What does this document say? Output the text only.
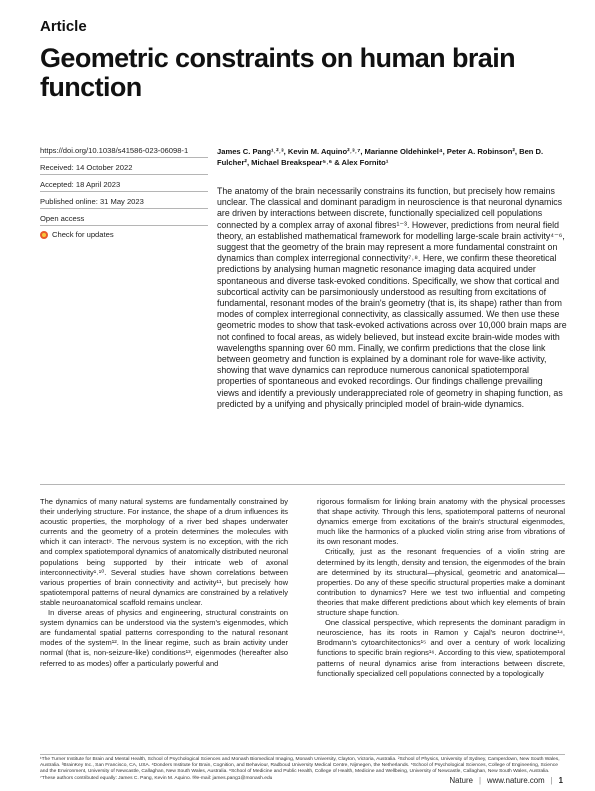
Article
Geometric constraints on human brain function
https://doi.org/10.1038/s41586-023-06098-1
Received: 14 October 2022
Accepted: 18 April 2023
Published online: 31 May 2023
Open access
Check for updates
James C. Pang¹˒²˒³, Kevin M. Aquino²˒³˒⁷, Marianne Oldehinkel⁴, Peter A. Robinson², Ben D. Fulcher², Michael Breakspear⁵˒⁶ & Alex Fornito¹
The anatomy of the brain necessarily constrains its function, but precisely how remains unclear. The classical and dominant paradigm in neuroscience is that neuronal dynamics are driven by interactions between discrete, functionally specialized cell populations connected by a complex array of axonal fibres¹⁻³. However, predictions from neural field theory, an established mathematical framework for modelling large-scale brain activity⁴⁻⁶, suggest that the geometry of the brain may represent a more fundamental constraint on dynamics than complex interregional connectivity⁷˒⁸. Here, we confirm these theoretical predictions by analysing human magnetic resonance imaging data acquired under spontaneous and diverse task-evoked conditions. Specifically, we show that cortical and subcortical activity can be parsimoniously understood as resulting from excitations of fundamental, resonant modes of the brain's geometry (that is, its shape) rather than from modes of complex interregional connectivity, as classically assumed. We then use these geometric modes to show that task-evoked activations across over 10,000 brain maps are not confined to focal areas, as widely believed, but instead excite brain-wide modes with wavelengths spanning over 60 mm. Finally, we confirm predictions that the close link between geometry and function is explained by a dominant role for wave-like activity, showing that wave dynamics can reproduce numerous canonical spatiotemporal properties of spontaneous and evoked recordings. Our findings challenge prevailing views and identify a previously underappreciated role of geometry in shaping function, as predicted by a unifying and physically principled model of brain-wide dynamics.

The dynamics of many natural systems are fundamentally constrained by their underlying structure. For instance, the shape of a drum influences its acoustic properties, the morphology of a river bed shapes underwater currents and the geometry of a protein determines the molecules with which it can interact⁹. The nervous system is no exception, with the rich and complex spatiotemporal dynamics of anatomically distributed neuronal populations being supported by their intricate web of axonal interconnectivity¹˒¹⁰. Several studies have shown correlations between various properties of brain connectivity and activity¹¹, but precisely how spatiotemporal patterns of neural dynamics are constrained by a relatively stable neuroanatomical scaffold remains unclear.

In diverse areas of physics and engineering, structural constraints on system dynamics can be understood via the system's eigenmodes, which are fundamental spatial patterns corresponding to the natural resonant modes of the system¹². In the linear regime, such as brain activity under normal (that is, non-seizure-like) conditions¹³, eigenmodes (hereafter also referred to as modes) offer a particularly powerful and

rigorous formalism for linking brain anatomy with the physical processes that shape activity. Through this lens, spatiotemporal patterns of neuronal dynamics emerge from excitations of the brain's structural eigenmodes, much like the harmonics of a plucked violin string arise from vibrations of its own resonant modes.

Critically, just as the resonant frequencies of a violin string are determined by its length, density and tension, the eigenmodes of the brain are determined by its structural—physical, geometric and anatomical—properties. Do any of these specific structural properties make a dominant contribution to dynamics? Here we test two influential and competing theories that make different predictions about which key elements of brain structure shape function.

One classical perspective, which represents the dominant paradigm in neuroscience, has its roots in Ramon y Cajal's neuron doctrine¹⁴, Brodmann's cytoarchitectonics¹⁵ and over a century of work localizing functions to specific brain regions¹⁶. According to this view, spatiotemporal patterns of neural dynamics arise from interactions between discrete, functionally specialized cell populations connected by a topologically

¹The Turner Institute for Brain and Mental Health, School of Psychological Sciences and Monash Biomedical Imaging, Monash University, Clayton, Victoria, Australia. ²School of Physics, University of Sydney, Camperdown, New South Wales, Australia. ³BrainKey Inc., San Francisco, CA, USA. ⁴Donders Institute for Brain, Cognition, and Behaviour, Radboud University Medical Centre, Nijmegen, the Netherlands. ⁵School of Psychological Sciences, College of Engineering, Science and the Environment, University of Newcastle, Callaghan, New South Wales, Australia. ⁶School of Medicine and Public Health, College of Health, Medicine and Wellbeing, University of Newcastle, Callaghan, New South Wales, Australia. ⁷These authors contributed equally: James C. Pang, Kevin M. Aquino. ✉e-mail: james.pang1@monash.edu	Nature | www.nature.com | 1
